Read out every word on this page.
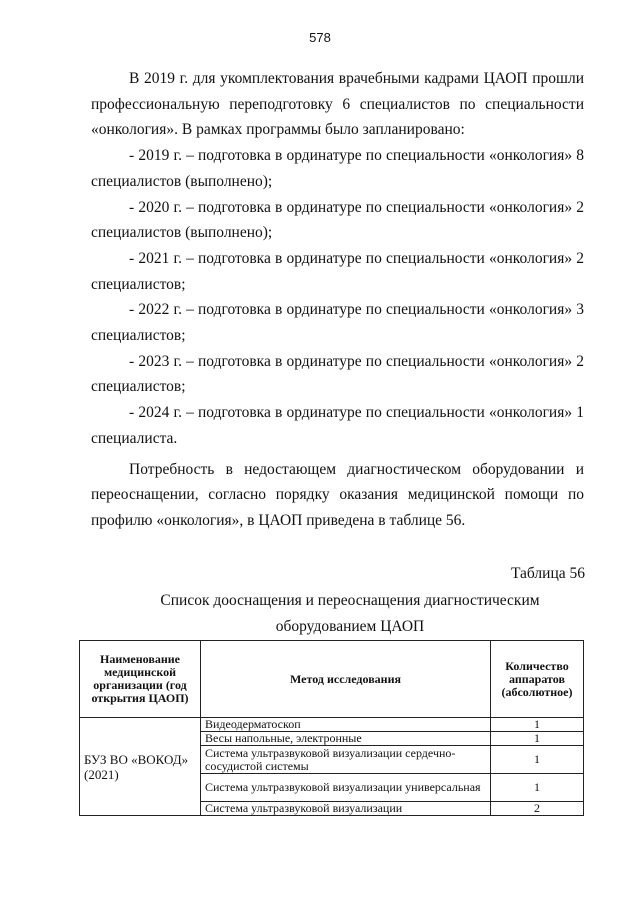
578

В 2019 г. для укомплектования врачебными кадрами ЦАОП прошли профессиональную переподготовку 6 специалистов по специальности «онкология». В рамках программы было запланировано:

- 2019 г. – подготовка в ординатуре по специальности «онкология» 8 специалистов (выполнено);

- 2020 г. – подготовка в ординатуре по специальности «онкология» 2 специалистов (выполнено);

- 2021 г. – подготовка в ординатуре по специальности «онкология» 2 специалистов;

- 2022 г. – подготовка в ординатуре по специальности «онкология» 3 специалистов;

- 2023 г. – подготовка в ординатуре по специальности «онкология» 2 специалистов;

- 2024 г. – подготовка в ординатуре по специальности «онкология» 1 специалиста.

Потребность в недостающем диагностическом оборудовании и переоснащении, согласно порядку оказания медицинской помощи по профилю «онкология», в ЦАОП приведена в таблице 56.

Таблица 56
Список дооснащения и переоснащения диагностическим оборудованием ЦАОП
Наименование медицинской организации (год открытия ЦАОП)	Метод исследования	Количество аппаратов (абсолютное)
БУЗ ВО «ВОКОД»
(2021)	Видеодерматоскоп	1
	Весы напольные, электронные	1
	Система ультразвуковой визуализации сердечно-сосудистой системы	1
	Система ультразвуковой визуализации универсальная	1
	Система ультразвуковой визуализации	2
